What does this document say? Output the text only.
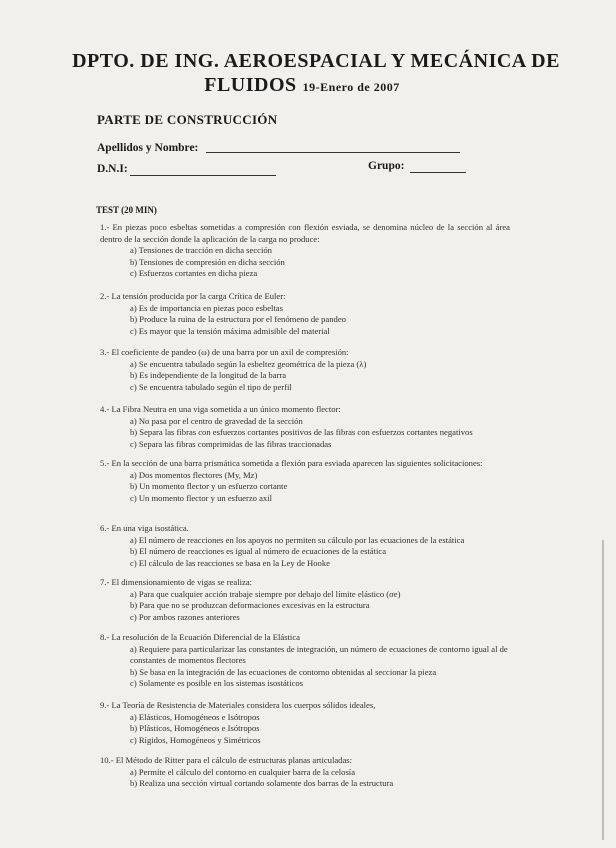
DPTO. DE ING. AEROESPACIAL Y MECÁNICA DE
FLUIDOS 19-Enero de 2007
PARTE DE CONSTRUCCIÓN
Apellidos y Nombre:
D.N.I:	Grupo:
TEST (20 MIN)
1.- En piezas poco esbeltas sometidas a compresión con flexión esviada, se denomina núcleo de la sección al área dentro de la sección donde la aplicación de la carga no produce:
a) Tensiones de tracción en dicha sección
b) Tensiones de compresión en dicha sección
c) Esfuerzos cortantes en dicha pieza
2.- La tensión producida por la carga Crítica de Euler:
a) Es de importancia en piezas poco esbeltas
b) Produce la ruina de la estructura por el fenómeno de pandeo
c) Es mayor que la tensión máxima admisible del material
3.- El coeficiente de pandeo (ω) de una barra por un axil de compresión:
a) Se encuentra tabulado según la esbeltez geométrica de la pieza (λ)
b) Es independiente de la longitud de la barra
c) Se encuentra tabulado según el tipo de perfil
4.- La Fibra Neutra en una viga sometida a un único momento flector:
a) No pasa por el centro de gravedad de la sección
b) Separa las fibras con esfuerzos cortantes positivos de las fibras con esfuerzos cortantes negativos
c) Separa las fibras comprimidas de las fibras traccionadas
5.- En la sección de una barra prismática sometida a flexión para esviada aparecen las siguientes solicitaciones:
a) Dos momentos flectores (My, Mz)
b) Un momento flector y un esfuerzo cortante
c) Un momento flector y un esfuerzo axil
6.- En una viga isostática.
a) El número de reacciones en los apoyos no permiten su cálculo por las ecuaciones de la estática
b) El número de reacciones es igual al número de ecuaciones de la estática
c) El cálculo de las reacciones se basa en la Ley de Hooke
7.- El dimensionamiento de vigas se realiza:
a) Para que cualquier acción trabaje siempre por debajo del límite elástico (σe)
b) Para que no se produzcan deformaciones excesivas en la estructura
c) Por ambos razones anteriores
8.- La resolución de la Ecuación Diferencial de la Elástica
a) Requiere para particularizar las constantes de integración, un número de ecuaciones de contorno igual al de constantes de momentos flectores
b) Se basa en la integración de las ecuaciones de contorno obtenidas al seccionar la pieza
c) Solamente es posible en los sistemas isostáticos
9.- La Teoría de Resistencia de Materiales considera los cuerpos sólidos ideales,
a) Elásticos, Homogéneos e Isótropos
b) Plásticos, Homogéneos e Isótropos
c) Rígidos, Homogéneos y Simétricos
10.- El Método de Ritter para el cálculo de estructuras planas articuladas:
a) Permite el cálculo del contorno en cualquier barra de la celosía
b) Realiza una sección virtual cortando solamente dos barras de la estructura
